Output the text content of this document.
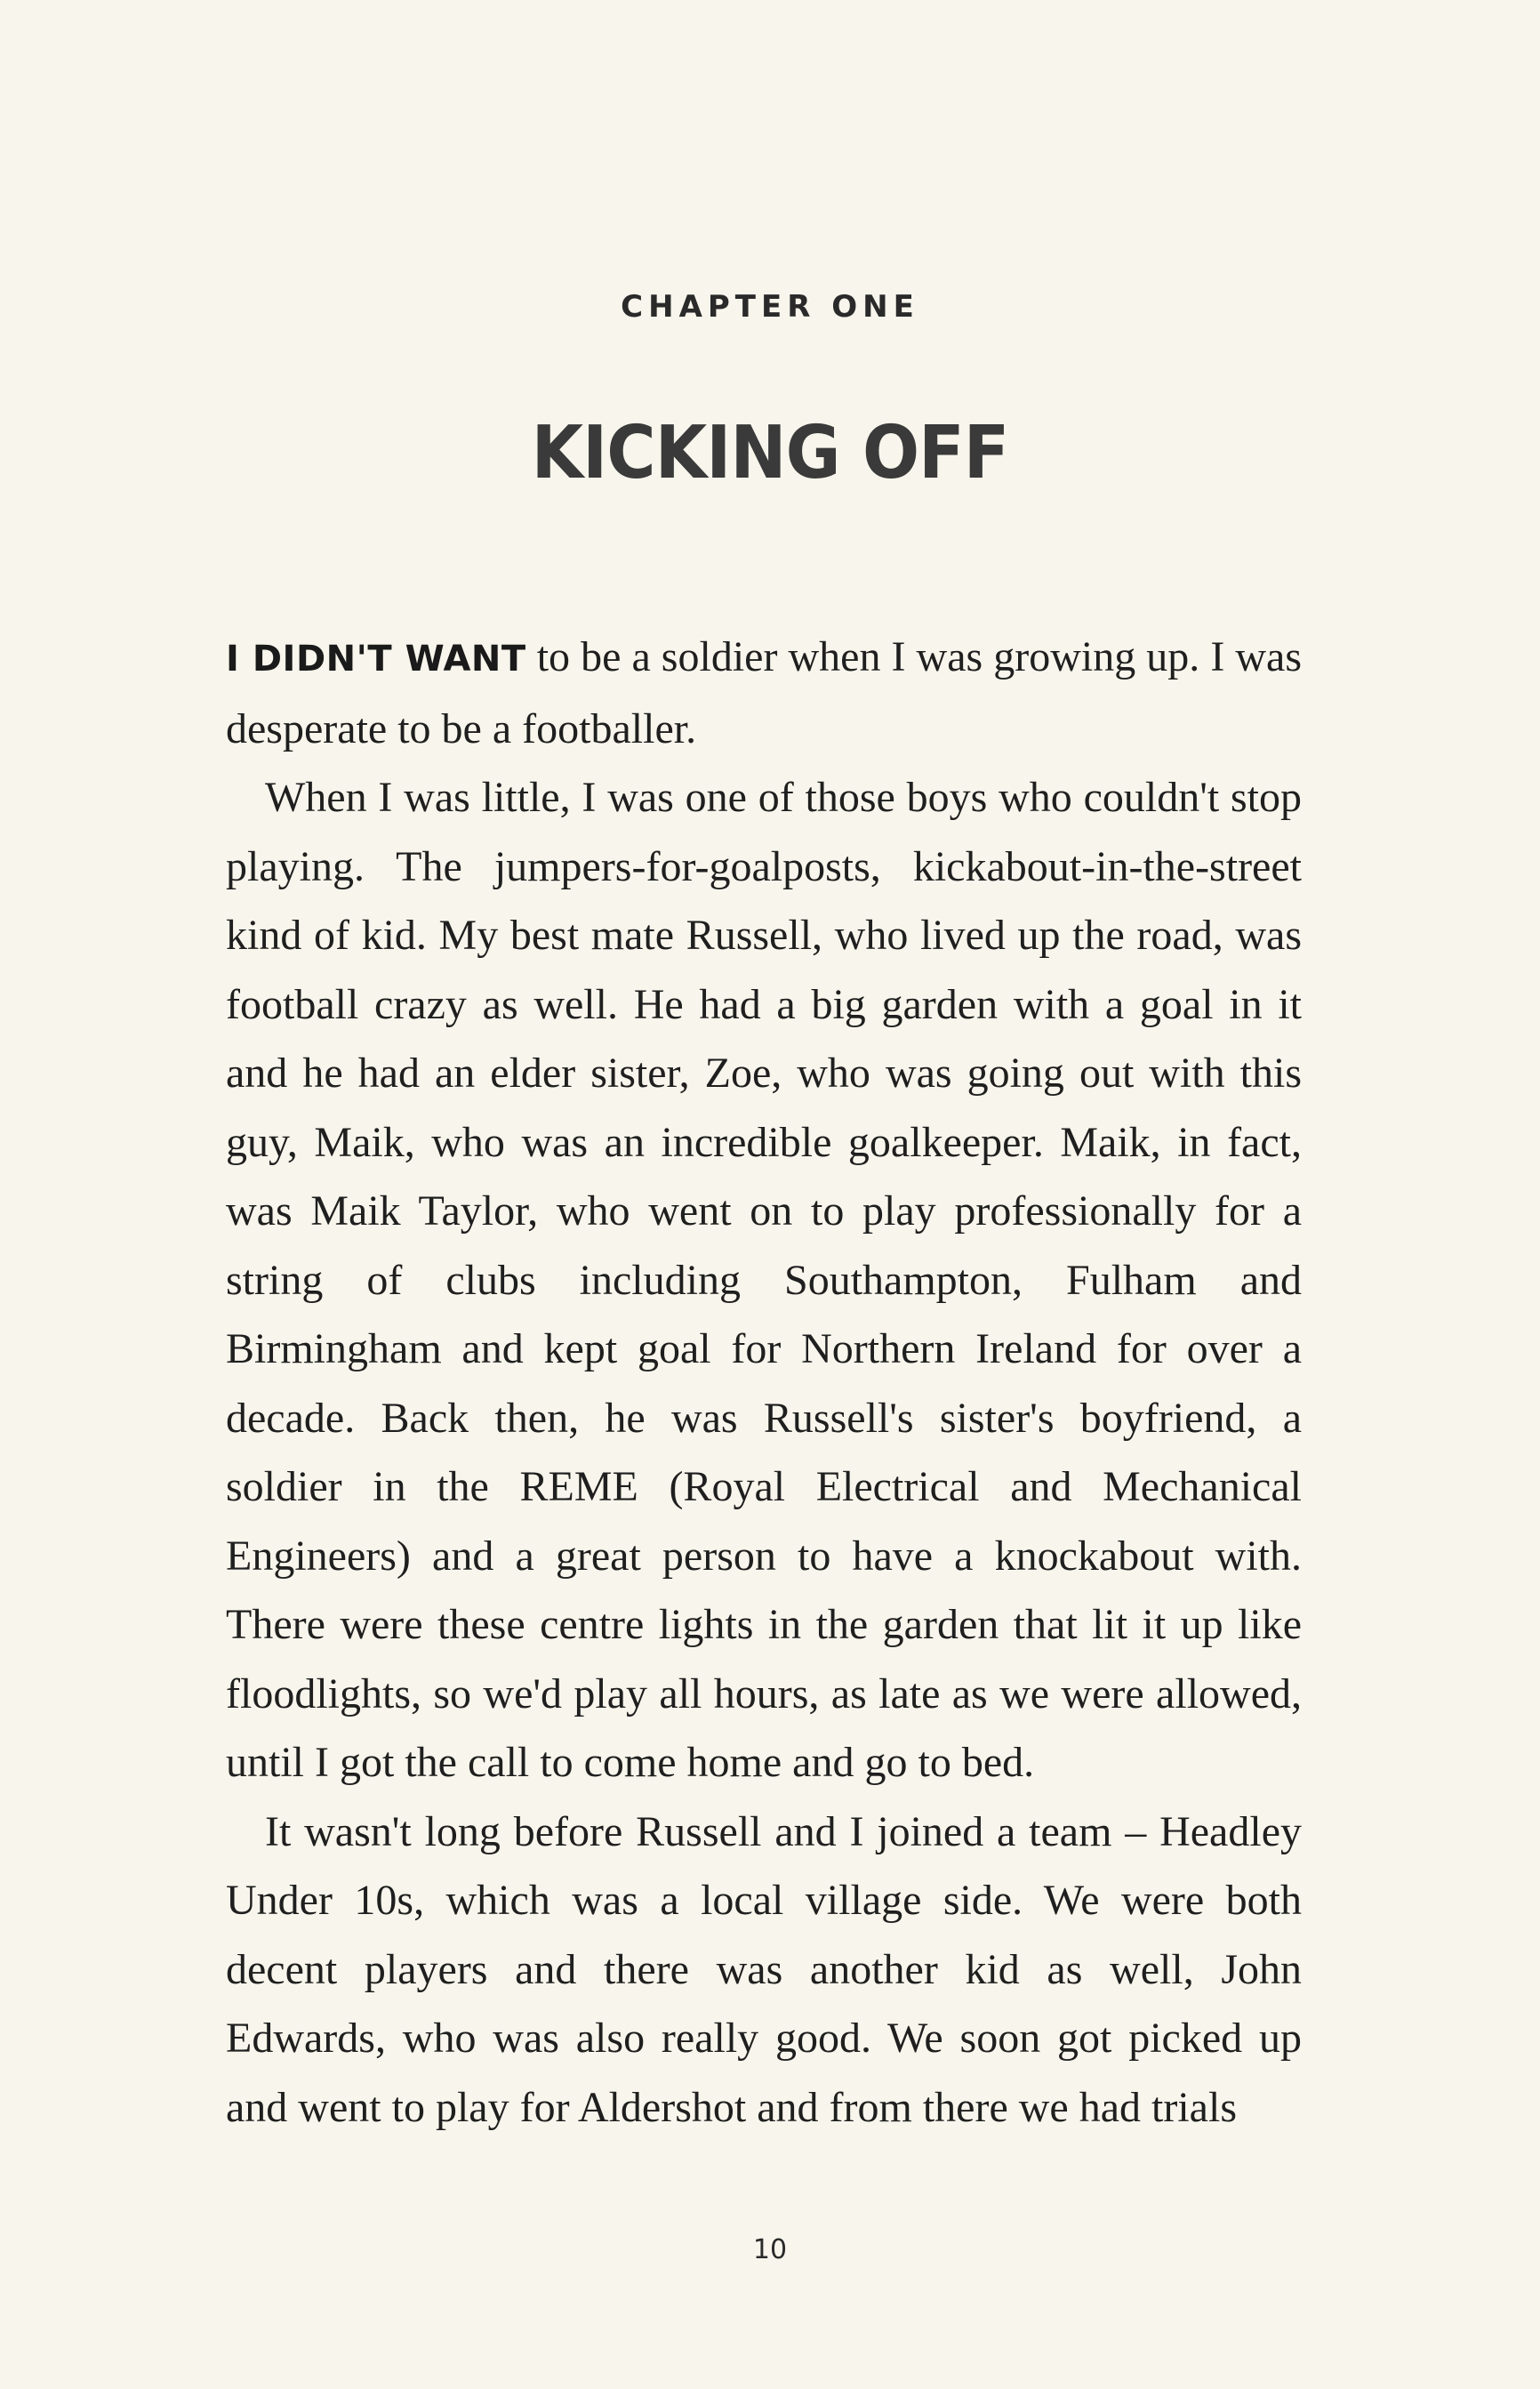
CHAPTER ONE
KICKING OFF

I DIDN'T WANT to be a soldier when I was growing up. I was desperate to be a footballer.

When I was little, I was one of those boys who couldn't stop playing. The jumpers-for-goalposts, kickabout-in-the-street kind of kid. My best mate Russell, who lived up the road, was football crazy as well. He had a big garden with a goal in it and he had an elder sister, Zoe, who was going out with this guy, Maik, who was an incredible goalkeeper. Maik, in fact, was Maik Taylor, who went on to play professionally for a string of clubs including Southampton, Fulham and Birmingham and kept goal for Northern Ireland for over a decade. Back then, he was Russell's sister's boyfriend, a soldier in the REME (Royal Electrical and Mechanical Engineers) and a great person to have a knockabout with. There were these centre lights in the garden that lit it up like floodlights, so we'd play all hours, as late as we were allowed, until I got the call to come home and go to bed.

It wasn't long before Russell and I joined a team – Headley Under 10s, which was a local village side. We were both decent players and there was another kid as well, John Edwards, who was also really good. We soon got picked up and went to play for Aldershot and from there we had trials

10
